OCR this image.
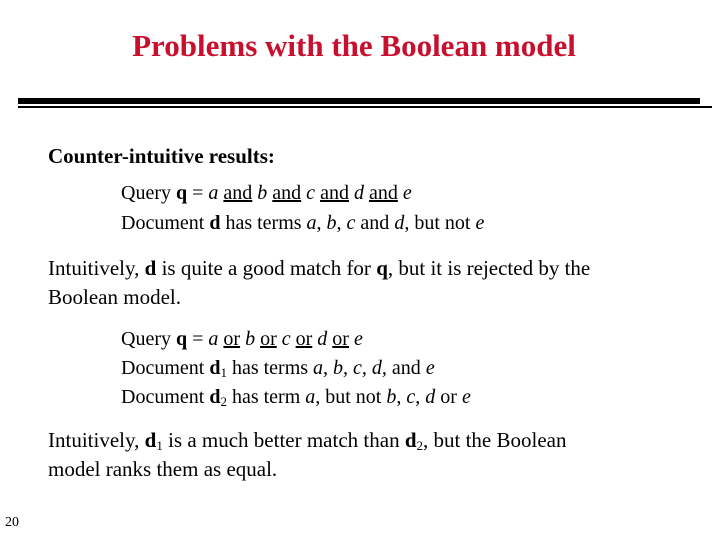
Problems with the Boolean model
Counter-intuitive results:
Query q = a and b and c and d and e
Document d has terms a, b, c and d, but not e
Intuitively, d is quite a good match for q, but it is rejected by the
Boolean model.
Query q = a or b or c or d or e
Document $d_1$ has terms a, b, c, d, and e
Document $d_2$ has term a, but not b, c, d or e
Intuitively, $d_1$ is a much better match than $d_2$, but the Boolean
model ranks them as equal.
20
